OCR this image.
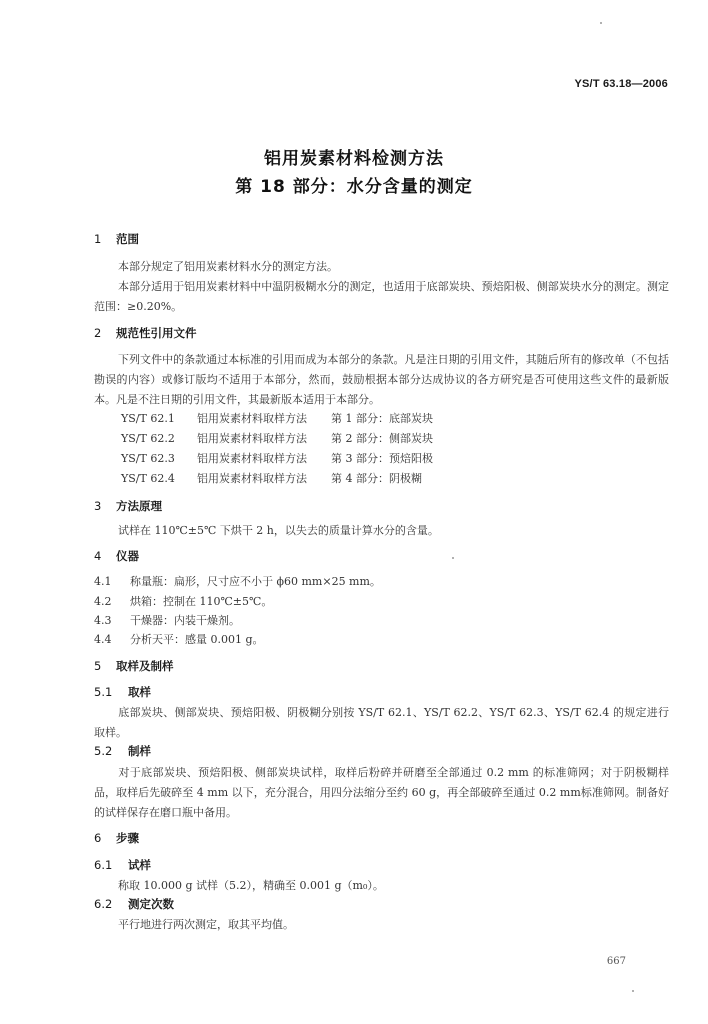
YS/T 63.18—2006
铝用炭素材料检测方法
第 18 部分：水分含量的测定
1 范围
本部分规定了铝用炭素材料水分的测定方法。
本部分适用于铝用炭素材料中中温阴极糊水分的测定，也适用于底部炭块、预焙阳极、侧部炭块水分的测定。测定范围：≥0.20%。
2 规范性引用文件
下列文件中的条款通过本标准的引用而成为本部分的条款。凡是注日期的引用文件，其随后所有的修改单（不包括勘误的内容）或修订版均不适用于本部分，然而，鼓励根据本部分达成协议的各方研究是否可使用这些文件的最新版本。凡是不注日期的引用文件，其最新版本适用于本部分。
YS/T 62.1 铝用炭素材料取样方法 第 1 部分：底部炭块
YS/T 62.2 铝用炭素材料取样方法 第 2 部分：侧部炭块
YS/T 62.3 铝用炭素材料取样方法 第 3 部分：预焙阳极
YS/T 62.4 铝用炭素材料取样方法 第 4 部分：阴极糊
3 方法原理
试样在 110℃±5℃ 下烘干 2 h，以失去的质量计算水分的含量。
4 仪器
4.1 称量瓶：扁形，尺寸应不小于 ϕ60 mm×25 mm。
4.2 烘箱：控制在 110℃±5℃。
4.3 干燥器：内装干燥剂。
4.4 分析天平：感量 0.001 g。
5 取样及制样
5.1 取样
底部炭块、侧部炭块、预焙阳极、阴极糊分别按 YS/T 62.1、YS/T 62.2、YS/T 62.3、YS/T 62.4 的规定进行取样。
5.2 制样
对于底部炭块、预焙阳极、侧部炭块试样，取样后粉碎并研磨至全部通过 0.2 mm 的标准筛网；对于阴极糊样品，取样后先破碎至 4 mm 以下，充分混合，用四分法缩分至约 60 g，再全部破碎至通过 0.2 mm标准筛网。制备好的试样保存在磨口瓶中备用。
6 步骤
6.1 试样
称取 10.000 g 试样（5.2），精确至 0.001 g（m₀）。
6.2 测定次数
平行地进行两次测定，取其平均值。
667
